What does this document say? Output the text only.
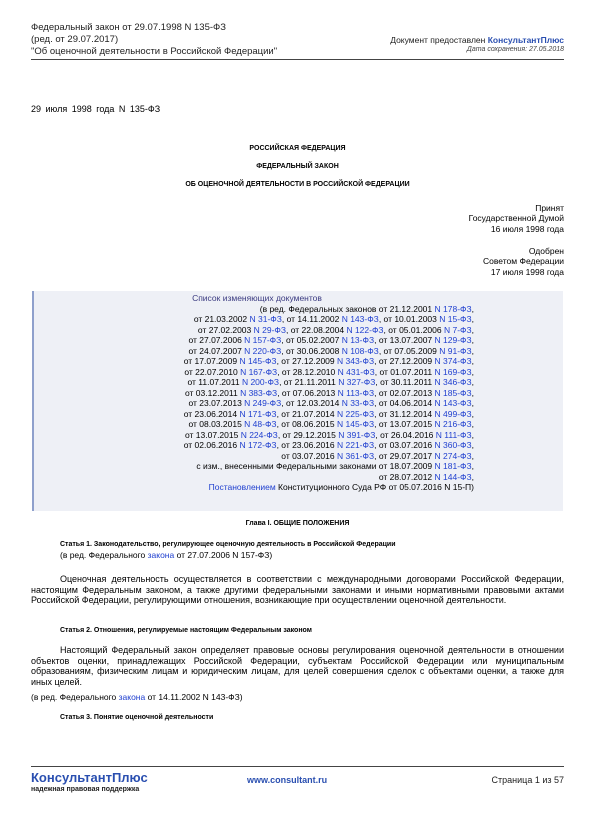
Федеральный закон от 29.07.1998 N 135-ФЗ
(ред. от 29.07.2017)
"Об оценочной деятельности в Российской Федерации"
Документ предоставлен КонсультантПлюс
Дата сохранения: 27.05.2018
29 июля 1998 года N 135-ФЗ
РОССИЙСКАЯ ФЕДЕРАЦИЯ
ФЕДЕРАЛЬНЫЙ ЗАКОН
ОБ ОЦЕНОЧНОЙ ДЕЯТЕЛЬНОСТИ В РОССИЙСКОЙ ФЕДЕРАЦИИ
Принят
Государственной Думой
16 июля 1998 года
Одобрен
Советом Федерации
17 июля 1998 года
Список изменяющих документов
(в ред. Федеральных законов от 21.12.2001 N 178-ФЗ,
от 21.03.2002 N 31-ФЗ, от 14.11.2002 N 143-ФЗ, от 10.01.2003 N 15-ФЗ,
от 27.02.2003 N 29-ФЗ, от 22.08.2004 N 122-ФЗ, от 05.01.2006 N 7-ФЗ,
от 27.07.2006 N 157-ФЗ, от 05.02.2007 N 13-ФЗ, от 13.07.2007 N 129-ФЗ,
от 24.07.2007 N 220-ФЗ, от 30.06.2008 N 108-ФЗ, от 07.05.2009 N 91-ФЗ,
от 17.07.2009 N 145-ФЗ, от 27.12.2009 N 343-ФЗ, от 27.12.2009 N 374-ФЗ,
от 22.07.2010 N 167-ФЗ, от 28.12.2010 N 431-ФЗ, от 01.07.2011 N 169-ФЗ,
от 11.07.2011 N 200-ФЗ, от 21.11.2011 N 327-ФЗ, от 30.11.2011 N 346-ФЗ,
от 03.12.2011 N 383-ФЗ, от 07.06.2013 N 113-ФЗ, от 02.07.2013 N 185-ФЗ,
от 23.07.2013 N 249-ФЗ, от 12.03.2014 N 33-ФЗ, от 04.06.2014 N 143-ФЗ,
от 23.06.2014 N 171-ФЗ, от 21.07.2014 N 225-ФЗ, от 31.12.2014 N 499-ФЗ,
от 08.03.2015 N 48-ФЗ, от 08.06.2015 N 145-ФЗ, от 13.07.2015 N 216-ФЗ,
от 13.07.2015 N 224-ФЗ, от 29.12.2015 N 391-ФЗ, от 26.04.2016 N 111-ФЗ,
от 02.06.2016 N 172-ФЗ, от 23.06.2016 N 221-ФЗ, от 03.07.2016 N 360-ФЗ,
от 03.07.2016 N 361-ФЗ, от 29.07.2017 N 274-ФЗ,
с изм., внесенными Федеральными законами от 18.07.2009 N 181-ФЗ,
от 28.07.2012 N 144-ФЗ,
Постановлением Конституционного Суда РФ от 05.07.2016 N 15-П)
Глава I. ОБЩИЕ ПОЛОЖЕНИЯ
Статья 1. Законодательство, регулирующее оценочную деятельность в Российской Федерации
(в ред. Федерального закона от 27.07.2006 N 157-ФЗ)
Оценочная деятельность осуществляется в соответствии с международными договорами Российской Федерации, настоящим Федеральным законом, а также другими федеральными законами и иными нормативными правовыми актами Российской Федерации, регулирующими отношения, возникающие при осуществлении оценочной деятельности.
Статья 2. Отношения, регулируемые настоящим Федеральным законом
Настоящий Федеральный закон определяет правовые основы регулирования оценочной деятельности в отношении объектов оценки, принадлежащих Российской Федерации, субъектам Российской Федерации или муниципальным образованиям, физическим лицам и юридическим лицам, для целей совершения сделок с объектами оценки, а также для иных целей.
(в ред. Федерального закона от 14.11.2002 N 143-ФЗ)
Статья 3. Понятие оценочной деятельности
КонсультантПлюс
надежная правовая поддержка
www.consultant.ru	Страница 1 из 57
